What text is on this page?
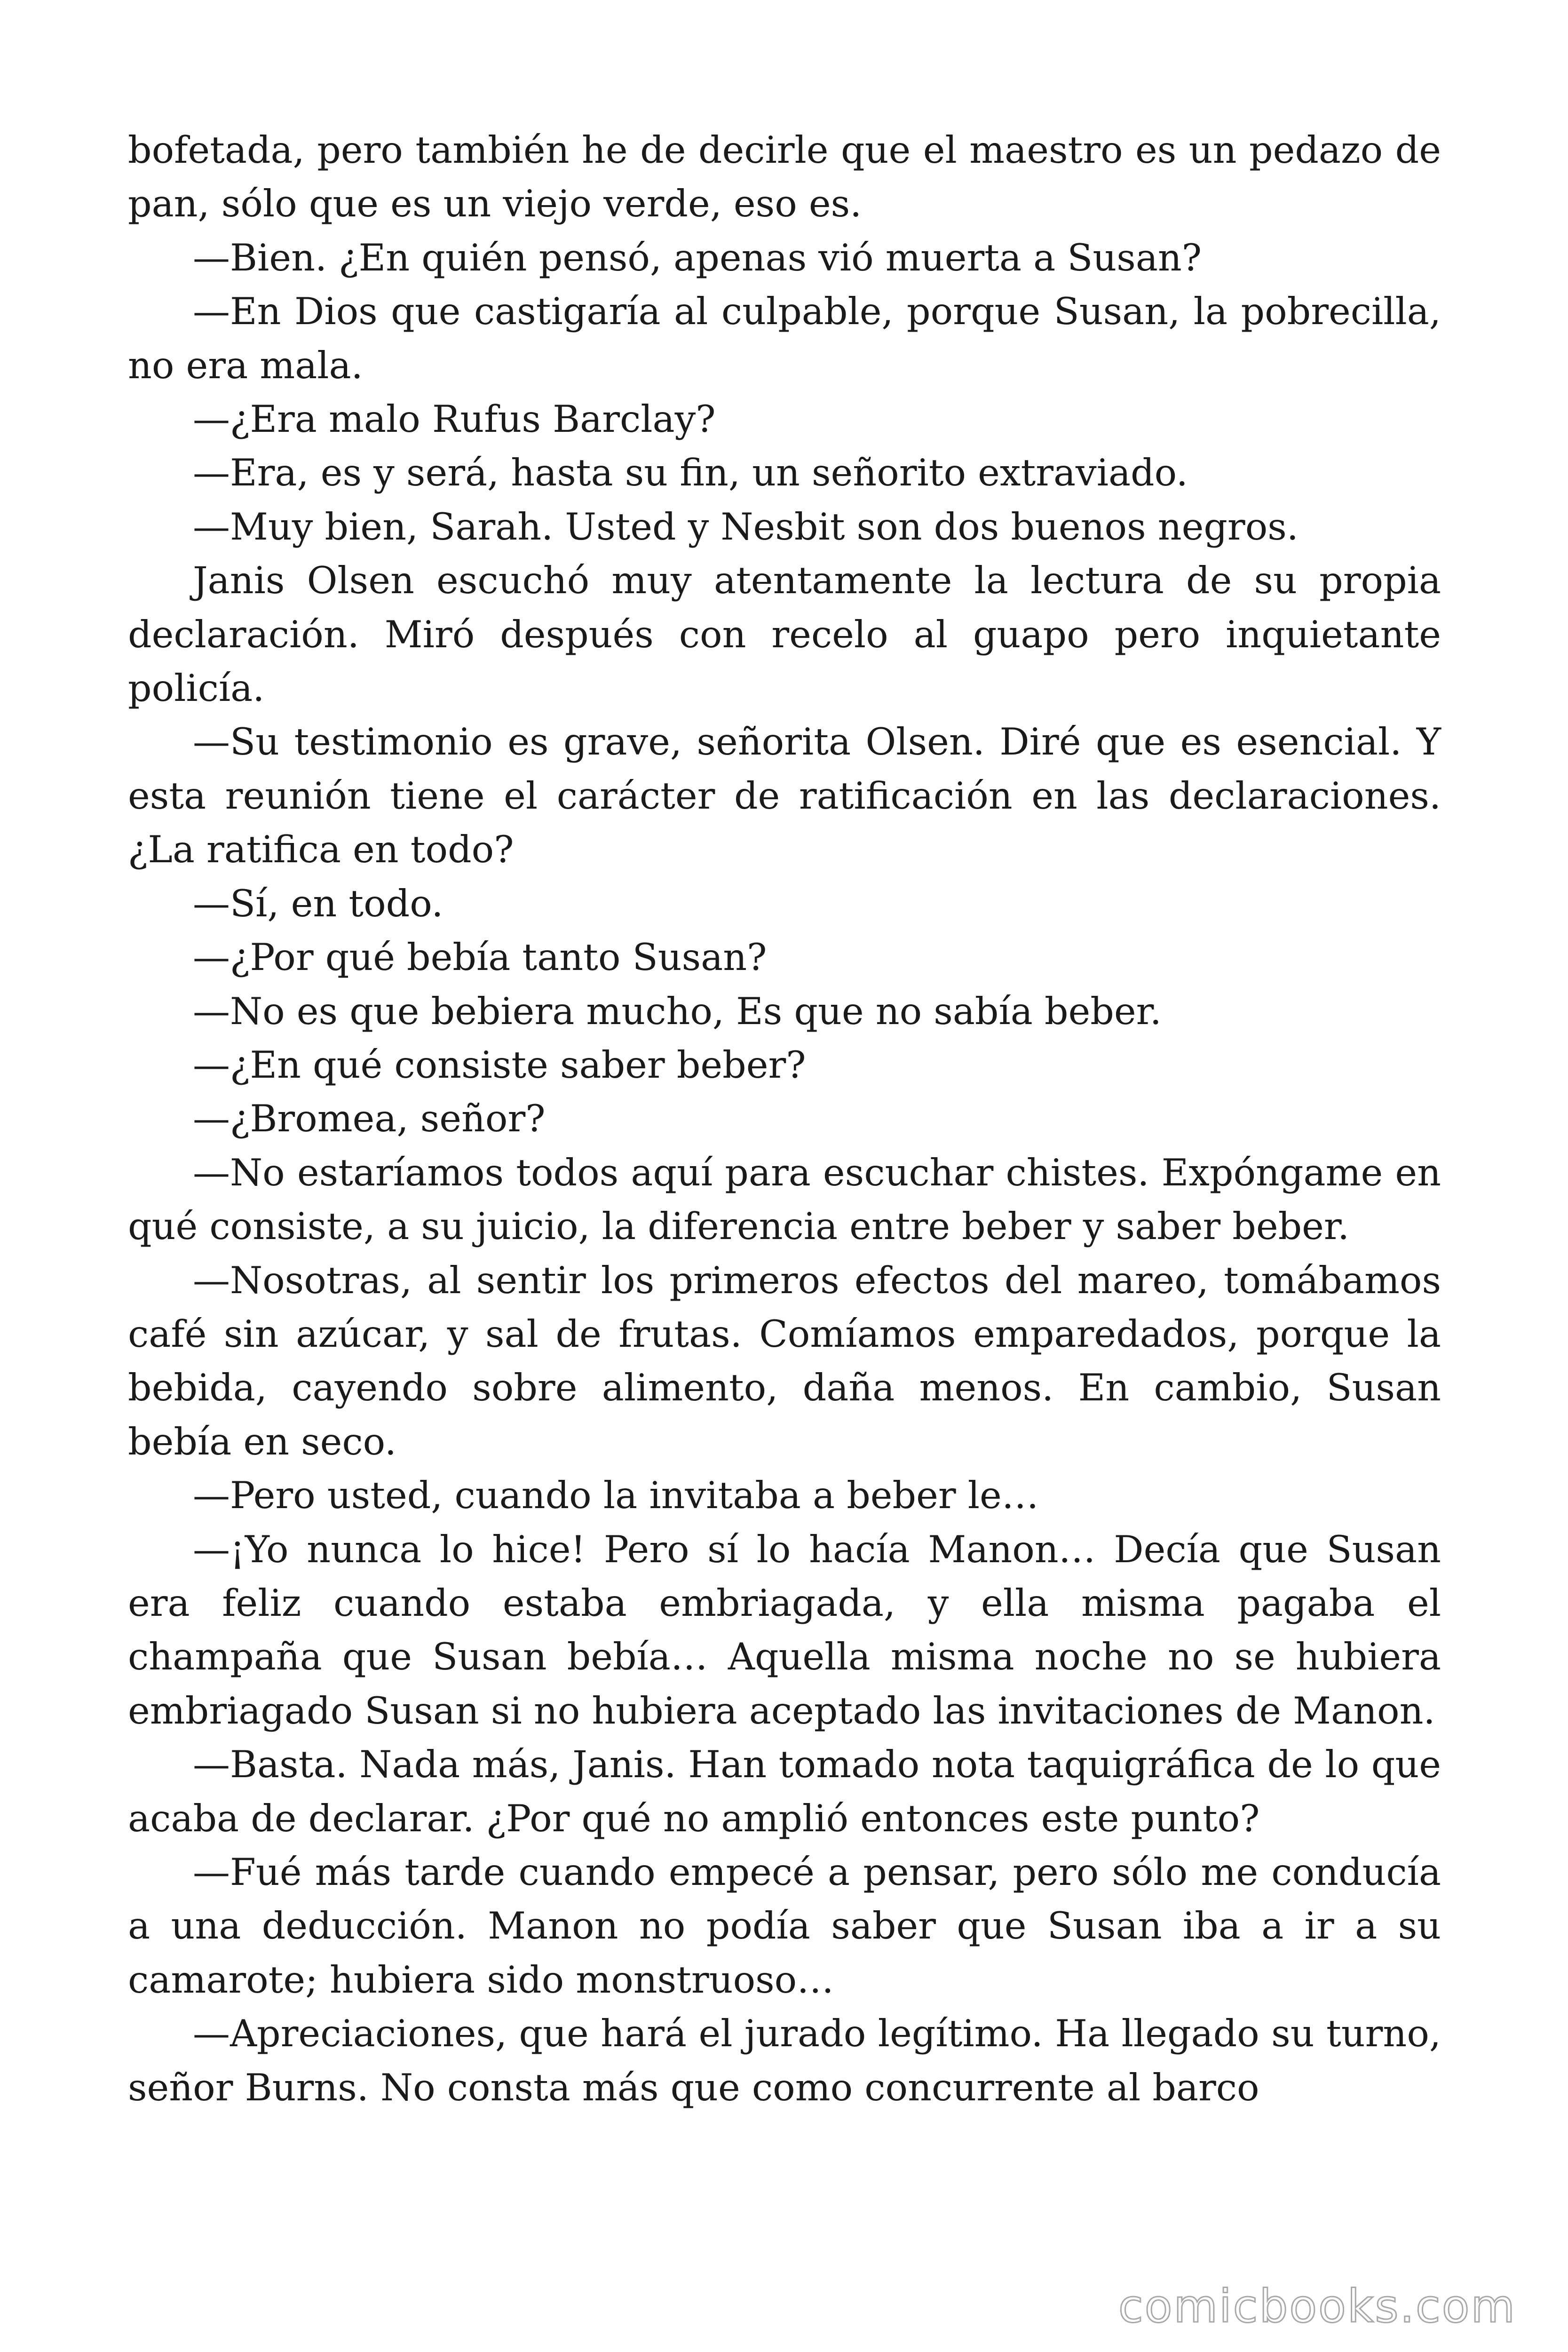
bofetada, pero también he de decirle que el maestro es un pedazo de pan, sólo que es un viejo verde, eso es.

—Bien. ¿En quién pensó, apenas vió muerta a Susan?

—En Dios que castigaría al culpable, porque Susan, la pobrecilla, no era mala.

—¿Era malo Rufus Barclay?

—Era, es y será, hasta su fin, un señorito extraviado.

—Muy bien, Sarah. Usted y Nesbit son dos buenos negros.

Janis Olsen escuchó muy atentamente la lectura de su propia declaración. Miró después con recelo al guapo pero inquietante policía.

—Su testimonio es grave, señorita Olsen. Diré que es esencial. Y esta reunión tiene el carácter de ratificación en las declaraciones. ¿La ratifica en todo?

—Sí, en todo.

—¿Por qué bebía tanto Susan?

—No es que bebiera mucho, Es que no sabía beber.

—¿En qué consiste saber beber?

—¿Bromea, señor?

—No estaríamos todos aquí para escuchar chistes. Expóngame en qué consiste, a su juicio, la diferencia entre beber y saber beber.

—Nosotras, al sentir los primeros efectos del mareo, tomábamos café sin azúcar, y sal de frutas. Comíamos emparedados, porque la bebida, cayendo sobre alimento, daña menos. En cambio, Susan bebía en seco.

—Pero usted, cuando la invitaba a beber le…

—¡Yo nunca lo hice! Pero sí lo hacía Manon… Decía que Susan era feliz cuando estaba embriagada, y ella misma pagaba el champaña que Susan bebía… Aquella misma noche no se hubiera embriagado Susan si no hubiera aceptado las invitaciones de Manon.

—Basta. Nada más, Janis. Han tomado nota taquigráfica de lo que acaba de declarar. ¿Por qué no amplió entonces este punto?

—Fué más tarde cuando empecé a pensar, pero sólo me conducía a una deducción. Manon no podía saber que Susan iba a ir a su camarote; hubiera sido monstruoso…

—Apreciaciones, que hará el jurado legítimo. Ha llegado su turno, señor Burns. No consta más que como concurrente al barco

comicbooks.com
